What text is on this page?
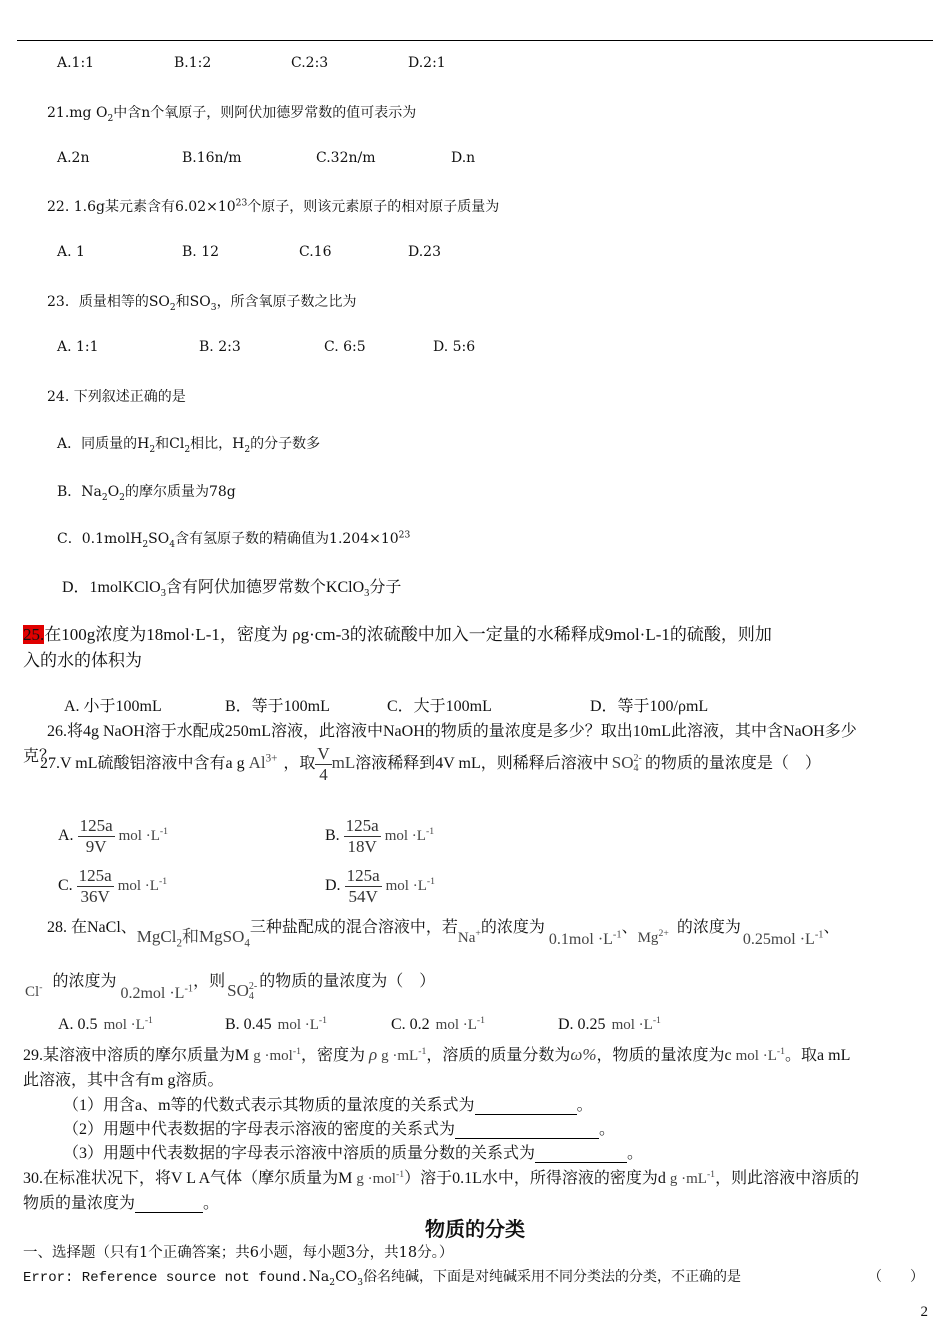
A.1:1	B.1:2	C.2:3	D.2:1
21.mg $O_2$中含n个氧原子，则阿伏加德罗常数的值可表示为
A.2n	B.16n/m	C.32n/m	D.n
22. 1.6g某元素含有$6.02\times 10^{23}$个原子，则该元素原子的相对原子质量为
A. 1	B. 12	C.16	D.23
23．质量相等的$SO_2$和$SO_3$，所含氧原子数之比为
A. 1:1	B. 2:3	C. 6:5	D. 5:6
24. 下列叙述正确的是
A．同质量的$H_2$和$Cl_2$相比，$H_2$的分子数多
B．$Na_2O_2$的摩尔质量为78g
C．$0.1molH_2SO_4$含有氢原子数的精确值为$1.204\times 10^{23}$
D．1molKClO$_3$含有阿伏加德罗常数个KClO$_3$分子
25.在100g浓度为18mol·L-1，密度为 ρg·cm-3的浓硫酸中加入一定量的水稀释成9mol·L-1的硫酸，则加
入的水的体积为
A. 小于100mL	B．等于100mL	C．大于100mL	D．等于100/ρmL
26.将4g NaOH溶于水配成250mL溶液，此溶液中NaOH的物质的量浓度是多少？取出10mL此溶液，其中含NaOH多少
克？
27.V mL硫酸铝溶液中含有a g $Al^{3+}$ ，取 $\frac{V}{4}$ mL溶液稀释到4V mL，则稀释后溶液中 SO 2-
4 的物质的量浓度是（　）
A. $\frac{125a}{9V}$ mol $\cdot L^{-1}$	B. $\frac{125a}{18V}$ mol $\cdot L^{-1}$
C. $\frac{125a}{36V}$ mol $\cdot L^{-1}$	D. $\frac{125a}{54V}$ mol $\cdot L^{-1}$
28. 在NaCl、MgCl$_2$和MgSO$_4$三种盐配成的混合溶液中，若Na+的浓度为$0.1mol \cdot L^{-1}$、$Mg^{2+}$ 的浓度为$0.25mol \cdot L^{-1}$、
Cl- 的浓度为$0.2mol \cdot L^{-1}$，则 SO 2-
4
的物质的量浓度为（　）
A. 0.5 mol $\cdot L^{-1}$	B. 0.45 mol $\cdot L^{-1}$	C. 0.2 mol $\cdot L^{-1}$	D. 0.25 mol $\cdot L^{-1}$
29.某溶液中溶质的摩尔质量为M g ·mol$^{-1}$，密度为 ρ $g \cdot mL^{-1}$，溶质的质量分数为ω%，物质的量浓度为c mol $\cdot L^{-1}$。取a mL
此溶液，其中含有m g溶质。
（1）用含a、m等的代数式表示其物质的量浓度的关系式为	。
（2）用题中代表数据的字母表示溶液的密度的关系式为	。
（3）用题中代表数据的字母表示溶液中溶质的质量分数的关系式为	。
30.在标准状况下，将V L A气体（摩尔质量为M g ·mol$^{-1}$）溶于0.1L水中，所得溶液的密度为d $g \cdot mL^{-1}$，则此溶液中溶质的
物质的量浓度为	。
物质的分类
一、选择题（只有1个正确答案；共6小题，每小题3分，共18分。）
Error: Reference source not $found.Na_2CO_3$俗名纯碱，下面是对纯碱采用不同分类法的分类，不正确的是	（　　）
2
